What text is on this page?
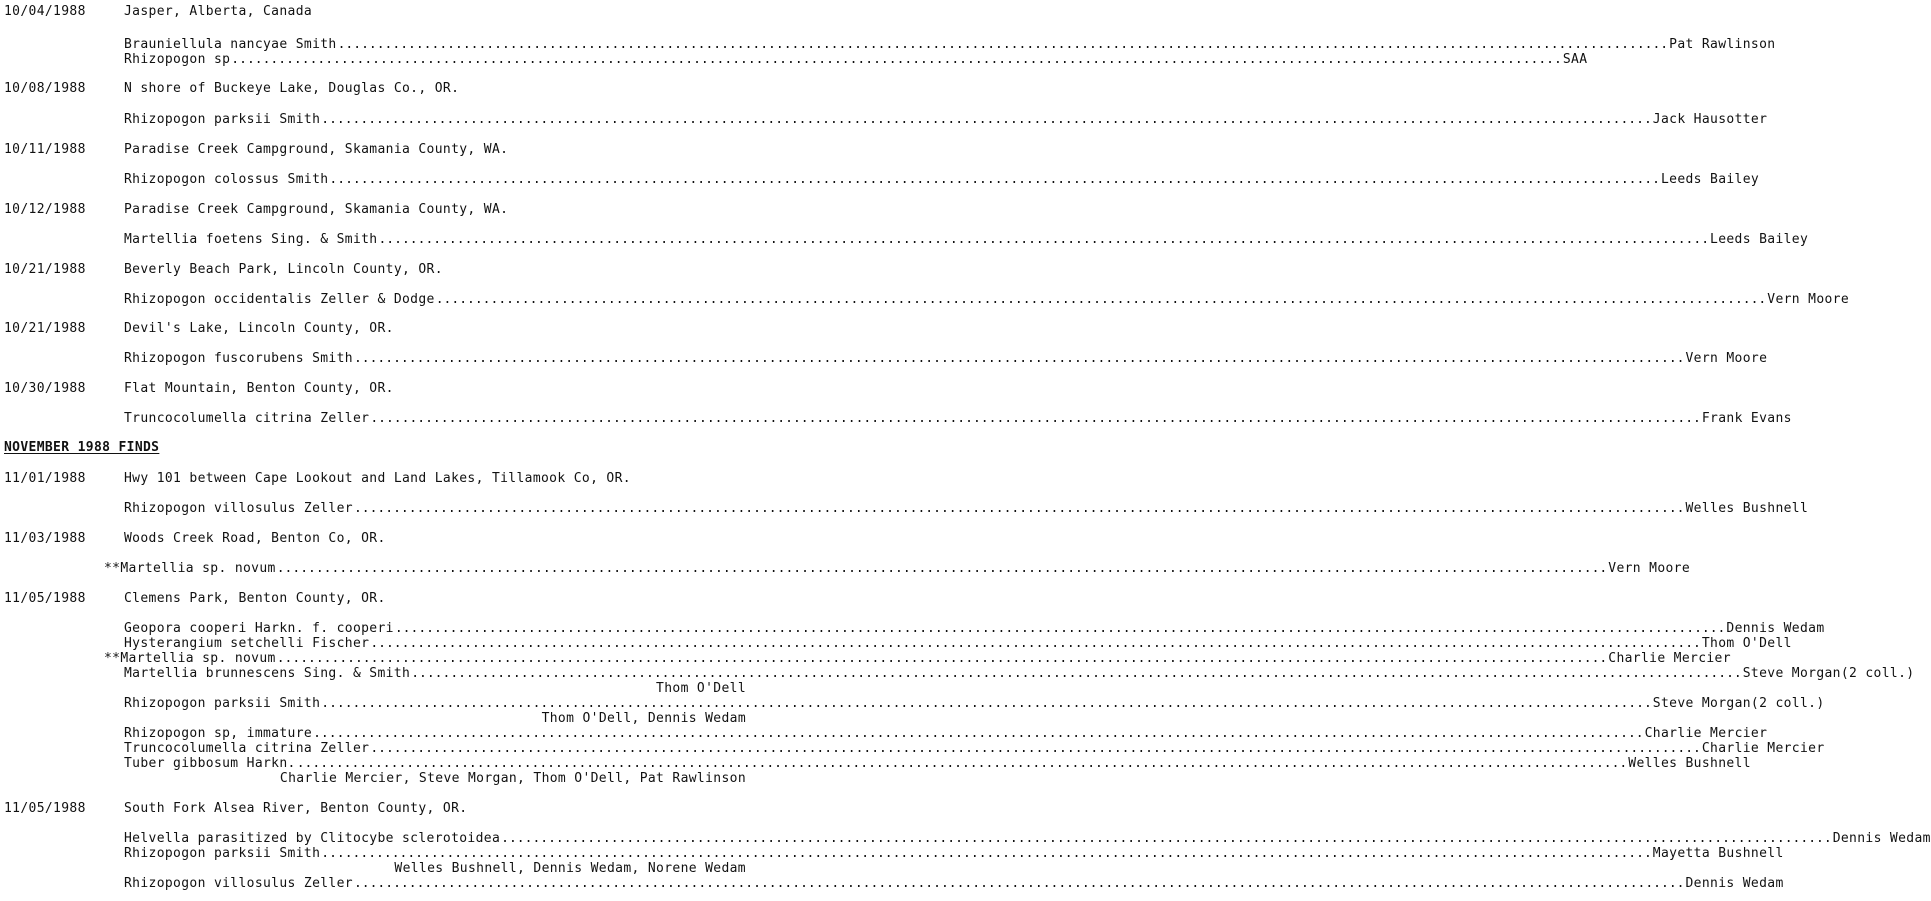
10/04/1988	Jasper, Alberta, Canada
Brauniellula nancyae Smith .......................................................................................................................................................................... Pat Rawlinson
Rhizopogon sp .......................................................................................................................................................................... SAA
10/08/1988	N shore of Buckeye Lake, Douglas Co., OR.
Rhizopogon parksii Smith .......................................................................................................................................................................... Jack Hausotter
10/11/1988	Paradise Creek Campground, Skamania County, WA.
Rhizopogon colossus Smith .......................................................................................................................................................................... Leeds Bailey
10/12/1988	Paradise Creek Campground, Skamania County, WA.
Martellia foetens Sing. & Smith .......................................................................................................................................................................... Leeds Bailey
10/21/1988	Beverly Beach Park, Lincoln County, OR.
Rhizopogon occidentalis Zeller & Dodge .......................................................................................................................................................................... Vern Moore
10/21/1988	Devil's Lake, Lincoln County, OR.
Rhizopogon fuscorubens Smith .......................................................................................................................................................................... Vern Moore
10/30/1988	Flat Mountain, Benton County, OR.
Truncocolumella citrina Zeller .......................................................................................................................................................................... Frank Evans
NOVEMBER 1988 FINDS
11/01/1988	Hwy 101 between Cape Lookout and Land Lakes, Tillamook Co, OR.
Rhizopogon villosulus Zeller .......................................................................................................................................................................... Welles Bushnell
11/03/1988	Woods Creek Road, Benton Co, OR.
**Martellia sp. novum .......................................................................................................................................................................... Vern Moore
11/05/1988	Clemens Park, Benton County, OR.
Geopora cooperi Harkn. f. cooperi .......................................................................................................................................................................... Dennis Wedam
Hysterangium setchelli Fischer .......................................................................................................................................................................... Thom O'Dell
**Martellia sp. novum .......................................................................................................................................................................... Charlie Mercier
Martellia brunnescens Sing. & Smith .......................................................................................................................................................................... Steve Morgan(2 coll.)
Thom O'Dell
Rhizopogon parksii Smith .......................................................................................................................................................................... Steve Morgan(2 coll.)
Thom O'Dell, Dennis Wedam
Rhizopogon sp, immature .......................................................................................................................................................................... Charlie Mercier
Truncocolumella citrina Zeller .......................................................................................................................................................................... Charlie Mercier
Tuber gibbosum Harkn. .......................................................................................................................................................................... Welles Bushnell
Charlie Mercier, Steve Morgan, Thom O'Dell, Pat Rawlinson
11/05/1988	South Fork Alsea River, Benton County, OR.
Helvella parasitized by Clitocybe sclerotoidea .......................................................................................................................................................................... Dennis Wedam
Rhizopogon parksii Smith .......................................................................................................................................................................... Mayetta Bushnell
Welles Bushnell, Dennis Wedam, Norene Wedam
Rhizopogon villosulus Zeller .......................................................................................................................................................................... Dennis Wedam
